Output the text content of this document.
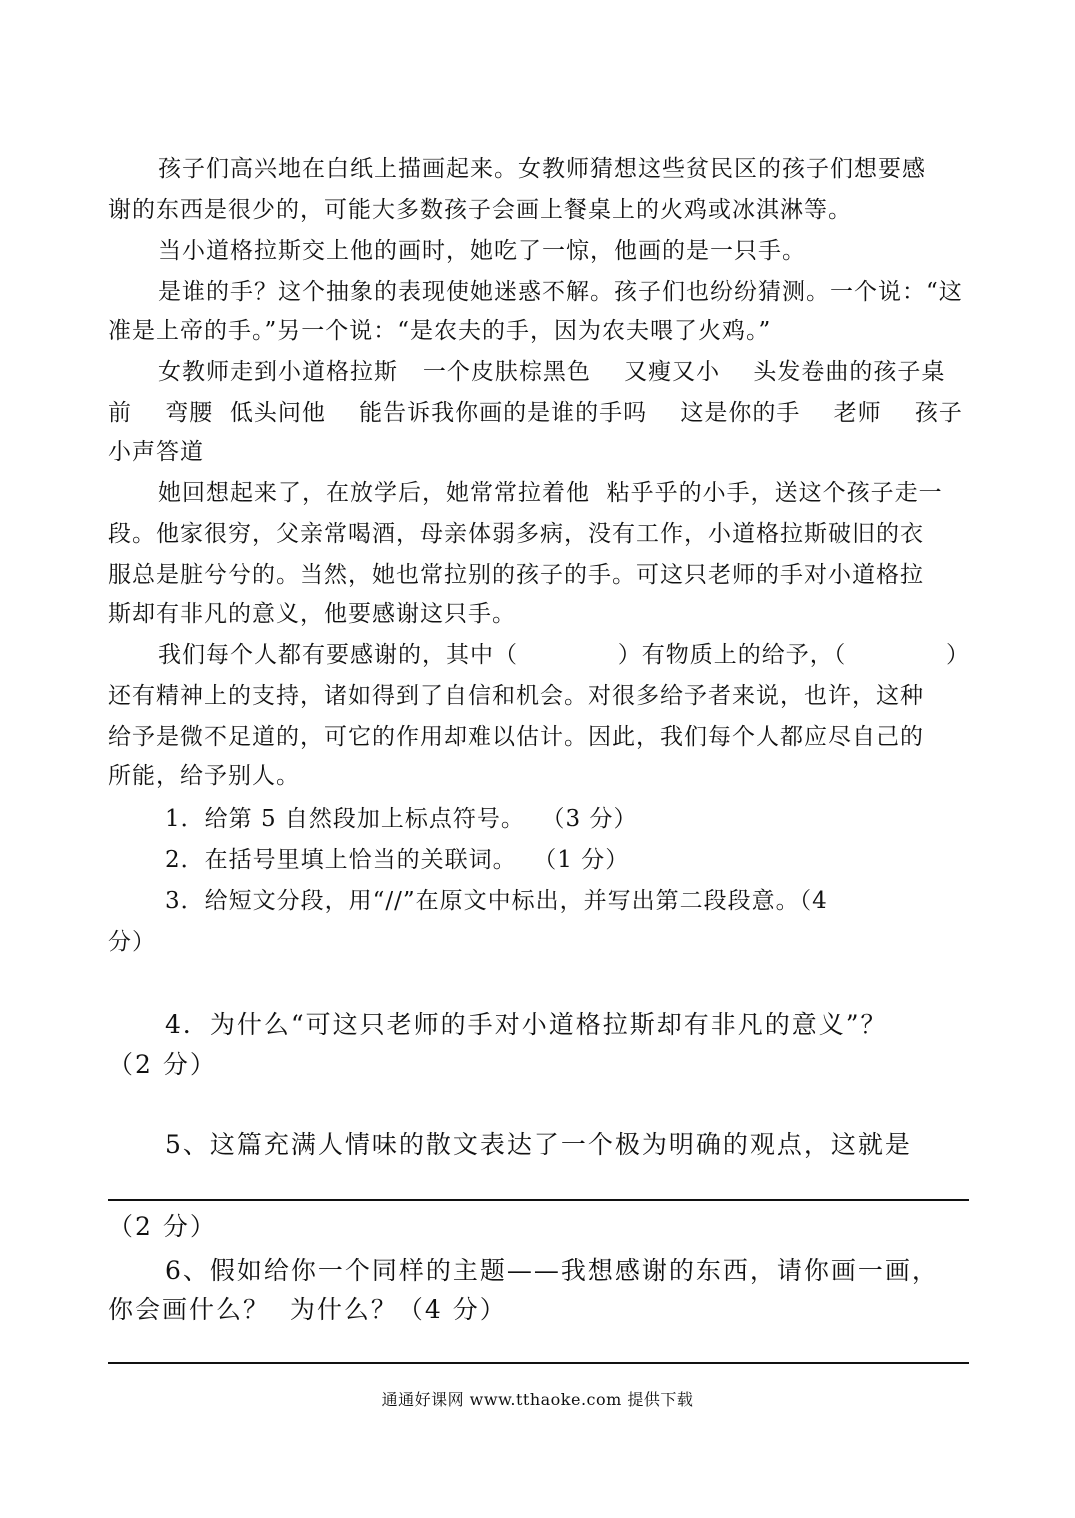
孩子们高兴地在白纸上描画起来。女教师猜想这些贫民区的孩子们想要感
谢的东西是很少的，可能大多数孩子会画上餐桌上的火鸡或冰淇淋等。
当小道格拉斯交上他的画时，她吃了一惊，他画的是一只手。
是谁的手？这个抽象的表现使她迷惑不解。孩子们也纷纷猜测。一个说：“这
准是上帝的手。”另一个说：“是农夫的手，因为农夫喂了火鸡。”
女教师走到小道格拉斯   一个皮肤棕黑色    又瘦又小    头发卷曲的孩子桌
前    弯腰  低头问他    能告诉我你画的是谁的手吗    这是你的手    老师    孩子
小声答道
她回想起来了，在放学后，她常常拉着他  粘乎乎的小手，送这个孩子走一
段。他家很穷，父亲常喝酒，母亲体弱多病，没有工作，小道格拉斯破旧的衣
服总是脏兮兮的。当然，她也常拉别的孩子的手。可这只老师的手对小道格拉
斯却有非凡的意义，他要感谢这只手。
我们每个人都有要感谢的，其中（            ）有物质上的给予，（            ）
还有精神上的支持，诸如得到了自信和机会。对很多给予者来说，也许，这种
给予是微不足道的，可它的作用却难以估计。因此，我们每个人都应尽自己的
所能，给予别人。
1．给第 5 自然段加上标点符号。  （3 分）
2．在括号里填上恰当的关联词。  （1 分）
3．给短文分段，用“//”在原文中标出，并写出第二段段意。（4
分）
4．为什么“可这只老师的手对小道格拉斯却有非凡的意义”？
（2 分）
5、这篇充满人情味的散文表达了一个极为明确的观点，这就是
（2 分）
6、假如给你一个同样的主题——我想感谢的东西，请你画一画，
你会画什么？  为什么？（4 分）
通通好课网 www.tthaoke.com 提供下载
